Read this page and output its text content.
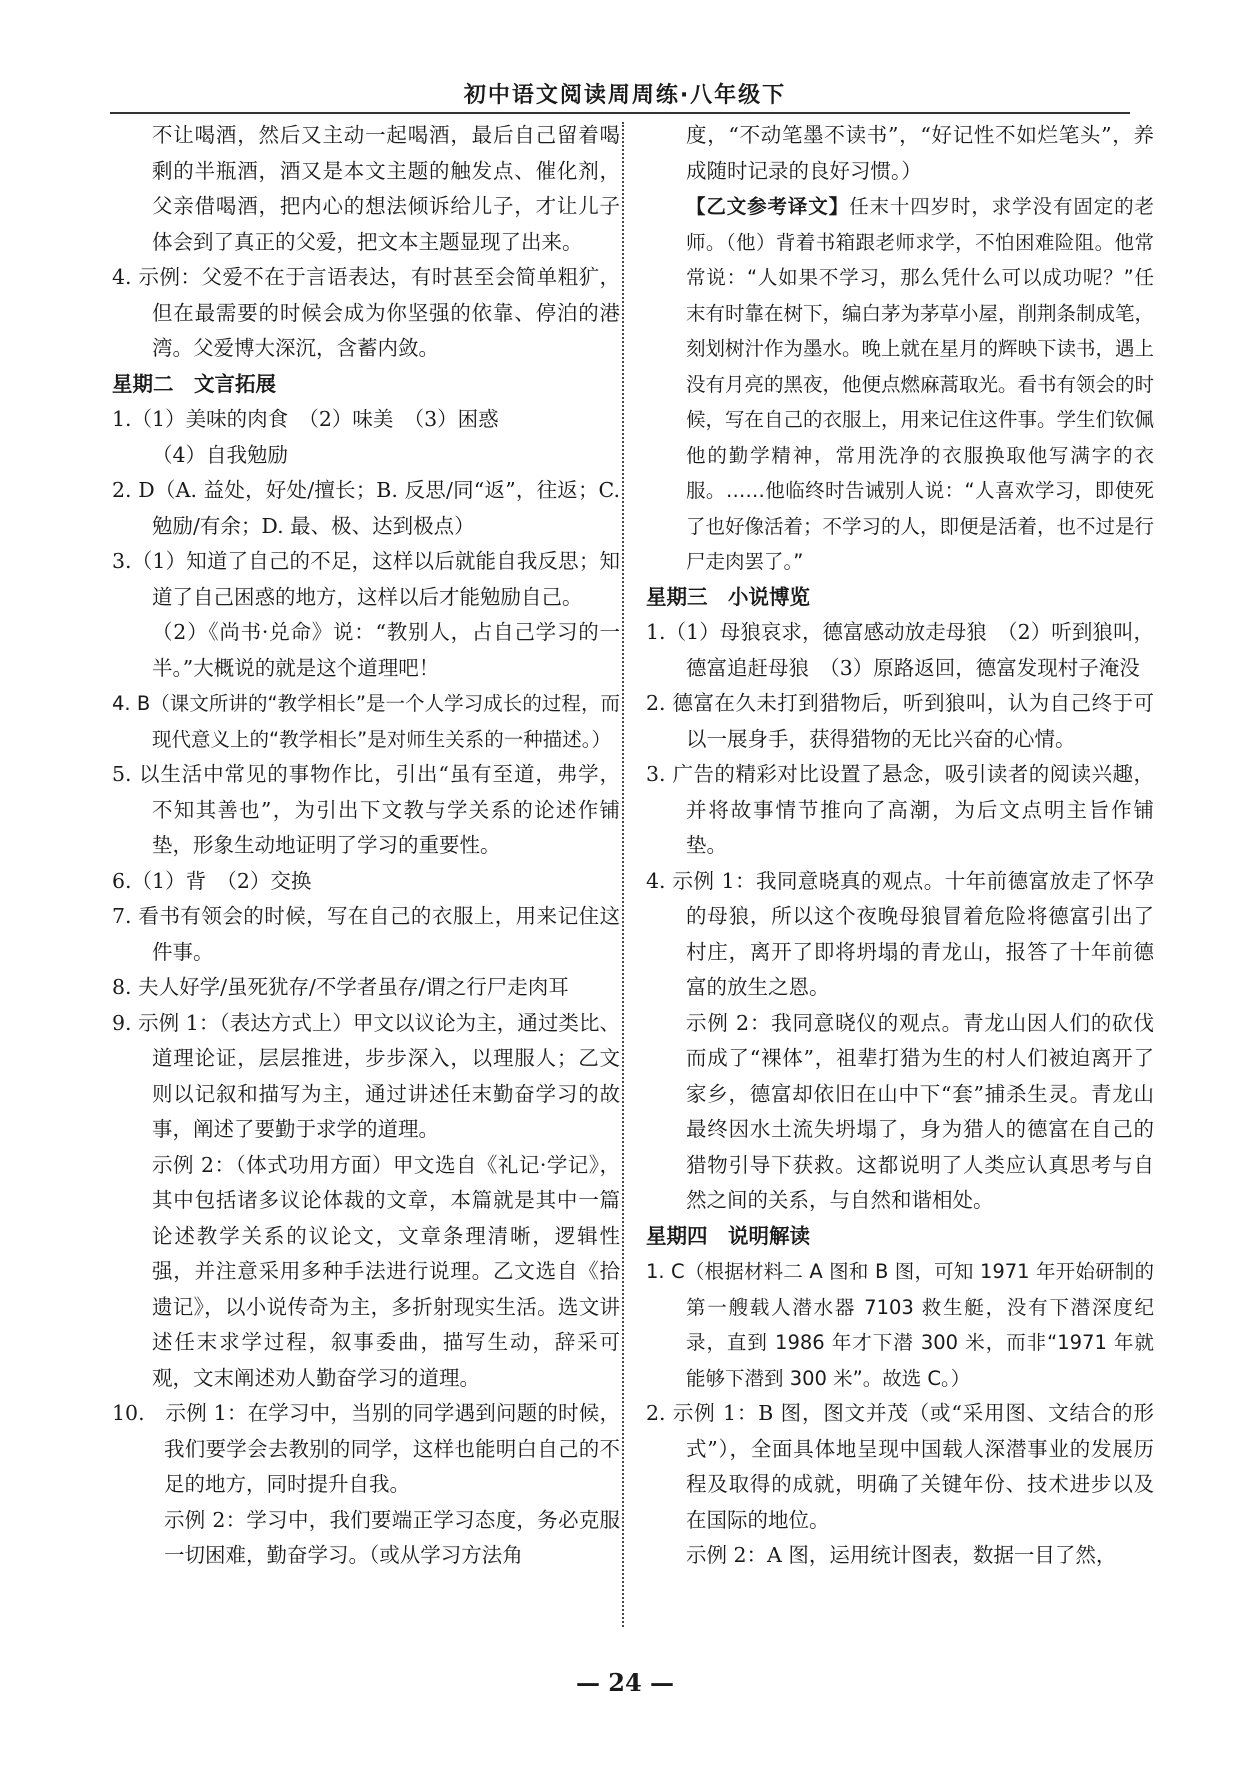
初中语文阅读周周练·八年级下

不让喝酒，然后又主动一起喝酒，最后自己留着喝剩的半瓶酒，酒又是本文主题的触发点、催化剂，父亲借喝酒，把内心的想法倾诉给儿子，才让儿子体会到了真正的父爱，把文本主题显现了出来。

4. 示例：父爱不在于言语表达，有时甚至会简单粗犷，但在最需要的时候会成为你坚强的依靠、停泊的港湾。父爱博大深沉，含蓄内敛。

星期二　文言拓展

1.（1）美味的肉食　（2）味美　（3）困惑

（4）自我勉励

2. D（A. 益处，好处/擅长；B. 反思/同“返”，往返；C. 勉励/有余；D. 最、极、达到极点）

3.（1）知道了自己的不足，这样以后就能自我反思；知道了自己困惑的地方，这样以后才能勉励自己。

（2）《尚书·兑命》说：“教别人，占自己学习的一半。”大概说的就是这个道理吧！

4. B（课文所讲的“教学相长”是一个人学习成长的过程，而现代意义上的“教学相长”是对师生关系的一种描述。）

5. 以生活中常见的事物作比，引出“虽有至道，弗学，不知其善也”，为引出下文教与学关系的论述作铺垫，形象生动地证明了学习的重要性。

6.（1）背　（2）交换

7. 看书有领会的时候，写在自己的衣服上，用来记住这件事。

8. 夫人好学/虽死犹存/不学者虽存/谓之行尸走肉耳

9. 示例 1：（表达方式上）甲文以议论为主，通过类比、道理论证，层层推进，步步深入，以理服人；乙文则以记叙和描写为主，通过讲述任末勤奋学习的故事，阐述了要勤于求学的道理。

示例 2：（体式功用方面）甲文选自《礼记·学记》，其中包括诸多议论体裁的文章，本篇就是其中一篇论述教学关系的议论文，文章条理清晰，逻辑性强，并注意采用多种手法进行说理。乙文选自《拾遗记》，以小说传奇为主，多折射现实生活。选文讲述任末求学过程，叙事委曲，描写生动，辞采可观，文末阐述劝人勤奋学习的道理。

10.　示例 1：在学习中，当别的同学遇到问题的时候，我们要学会去教别的同学，这样也能明白自己的不足的地方，同时提升自我。

示例 2：学习中，我们要端正学习态度，务必克服一切困难，勤奋学习。（或从学习方法角

度，“不动笔墨不读书”，“好记性不如烂笔头”，养成随时记录的良好习惯。）

【乙文参考译文】任末十四岁时，求学没有固定的老师。（他）背着书箱跟老师求学，不怕困难险阻。他常常说：“人如果不学习，那么凭什么可以成功呢？”任末有时靠在树下，编白茅为茅草小屋，削荆条制成笔，刻划树汁作为墨水。晚上就在星月的辉映下读书，遇上没有月亮的黑夜，他便点燃麻蒿取光。看书有领会的时候，写在自己的衣服上，用来记住这件事。学生们钦佩他的勤学精神，常用洗净的衣服换取他写满字的衣服。……他临终时告诫别人说：“人喜欢学习，即使死了也好像活着；不学习的人，即便是活着，也不过是行尸走肉罢了。”

星期三　小说博览

1.（1）母狼哀求，德富感动放走母狼　（2）听到狼叫，德富追赶母狼　（3）原路返回，德富发现村子淹没

2. 德富在久未打到猎物后，听到狼叫，认为自己终于可以一展身手，获得猎物的无比兴奋的心情。

3. 广告的精彩对比设置了悬念，吸引读者的阅读兴趣，并将故事情节推向了高潮，为后文点明主旨作铺垫。

4. 示例 1：我同意晓真的观点。十年前德富放走了怀孕的母狼，所以这个夜晚母狼冒着危险将德富引出了村庄，离开了即将坍塌的青龙山，报答了十年前德富的放生之恩。

示例 2：我同意晓仪的观点。青龙山因人们的砍伐而成了“裸体”，祖辈打猎为生的村人们被迫离开了家乡，德富却依旧在山中下“套”捕杀生灵。青龙山最终因水土流失坍塌了，身为猎人的德富在自己的猎物引导下获救。这都说明了人类应认真思考与自然之间的关系，与自然和谐相处。

星期四　说明解读

1. C（根据材料二 A 图和 B 图，可知 1971 年开始研制的第一艘载人潜水器 7103 救生艇，没有下潜深度纪录，直到 1986 年才下潜 300 米，而非“1971 年就能够下潜到 300 米”。故选 C。）

2. 示例 1：B 图，图文并茂（或“采用图、文结合的形式”），全面具体地呈现中国载人深潜事业的发展历程及取得的成就，明确了关键年份、技术进步以及在国际的地位。

示例 2：A 图，运用统计图表，数据一目了然，

— 24 —
